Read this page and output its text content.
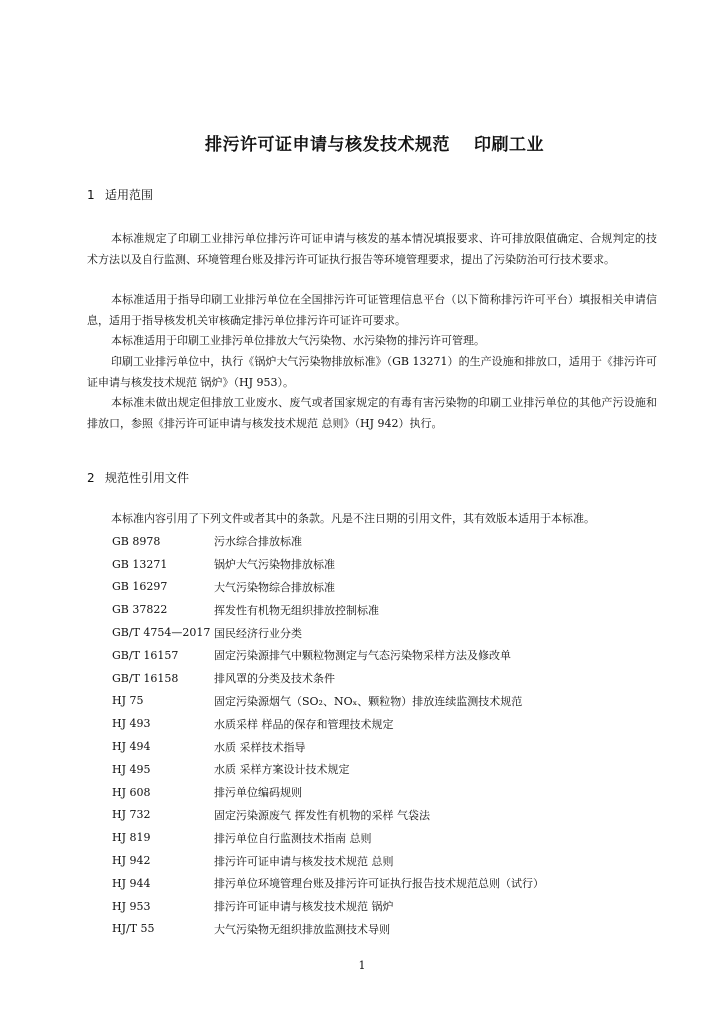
排污许可证申请与核发技术规范 印刷工业
1 适用范围

本标准规定了印刷工业排污单位排污许可证申请与核发的基本情况填报要求、许可排放限值确定、合规判定的技术方法以及自行监测、环境管理台账及排污许可证执行报告等环境管理要求，提出了污染防治可行技术要求。

本标准适用于指导印刷工业排污单位在全国排污许可证管理信息平台（以下简称排污许可平台）填报相关申请信息，适用于指导核发机关审核确定排污单位排污许可证许可要求。

本标准适用于印刷工业排污单位排放大气污染物、水污染物的排污许可管理。

印刷工业排污单位中，执行《锅炉大气污染物排放标准》（GB 13271）的生产设施和排放口，适用于《排污许可证申请与核发技术规范 锅炉》（HJ 953）。

本标准未做出规定但排放工业废水、废气或者国家规定的有毒有害污染物的印刷工业排污单位的其他产污设施和排放口，参照《排污许可证申请与核发技术规范 总则》（HJ 942）执行。

2 规范性引用文件

本标准内容引用了下列文件或者其中的条款。凡是不注日期的引用文件，其有效版本适用于本标准。

GB 8978	污水综合排放标准
GB 13271	锅炉大气污染物排放标准
GB 16297	大气污染物综合排放标准
GB 37822	挥发性有机物无组织排放控制标准
GB/T 4754—2017	国民经济行业分类
GB/T 16157	固定污染源排气中颗粒物测定与气态污染物采样方法及修改单
GB/T 16158	排风罩的分类及技术条件
HJ 75	固定污染源烟气（SO₂、NOₓ、颗粒物）排放连续监测技术规范
HJ 493	水质采样 样品的保存和管理技术规定
HJ 494	水质 采样技术指导
HJ 495	水质 采样方案设计技术规定
HJ 608	排污单位编码规则
HJ 732	固定污染源废气 挥发性有机物的采样 气袋法
HJ 819	排污单位自行监测技术指南 总则
HJ 942	排污许可证申请与核发技术规范 总则
HJ 944	排污单位环境管理台账及排污许可证执行报告技术规范总则（试行）
HJ 953	排污许可证申请与核发技术规范 锅炉
HJ/T 55	大气污染物无组织排放监测技术导则
1
